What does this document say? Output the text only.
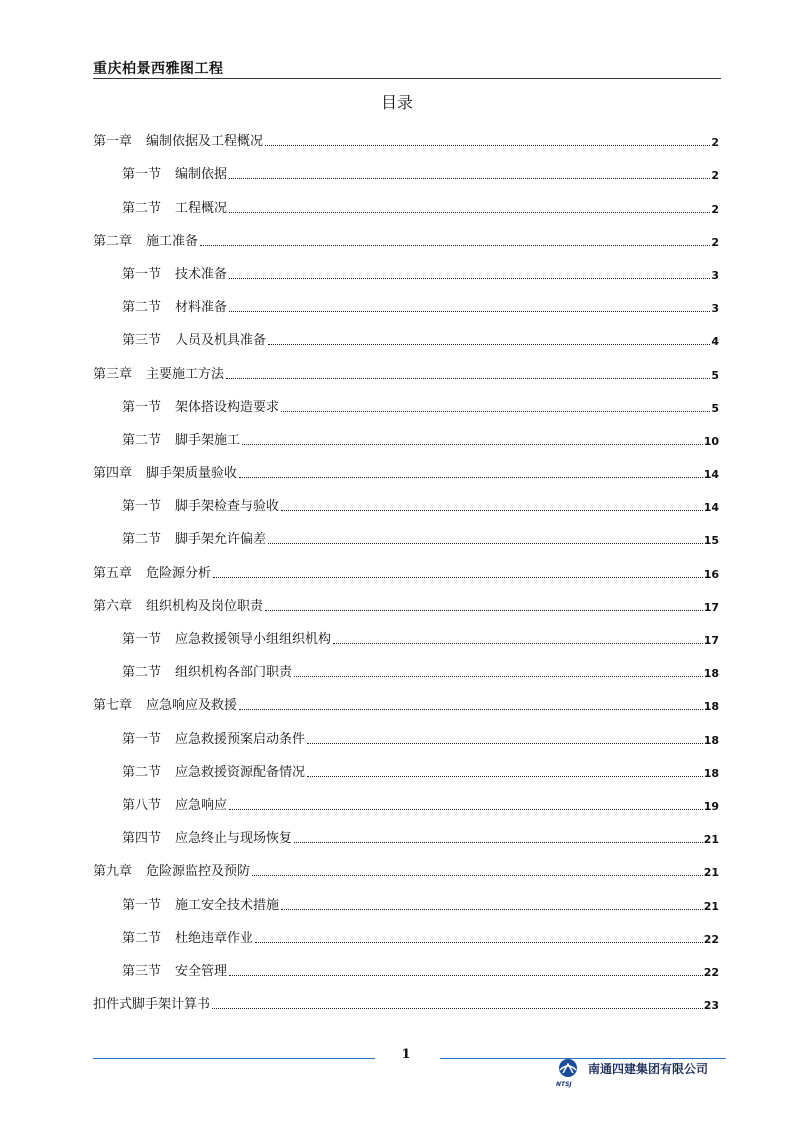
重庆柏景西雅图工程
目录
第一章 编制依据及工程概况	2
第一节 编制依据	2
第二节 工程概况	2
第二章 施工准备	2
第一节 技术准备	3
第二节 材料准备	3
第三节 人员及机具准备	4
第三章 主要施工方法	5
第一节 架体搭设构造要求	5
第二节 脚手架施工	10
第四章 脚手架质量验收	14
第一节 脚手架检查与验收	14
第二节 脚手架允许偏差	15
第五章 危险源分析	16
第六章 组织机构及岗位职责	17
第一节 应急救援领导小组组织机构	17
第二节 组织机构各部门职责	18
第七章 应急响应及救援	18
第一节 应急救援预案启动条件	18
第二节 应急救援资源配备情况	18
第八节 应急响应	19
第四节 应急终止与现场恢复	21
第九章 危险源监控及预防	21
第一节 施工安全技术措施	21
第二节 杜绝违章作业	22
第三节 安全管理	22
扣件式脚手架计算书	23
1
NTSJ
南通四建集团有限公司
